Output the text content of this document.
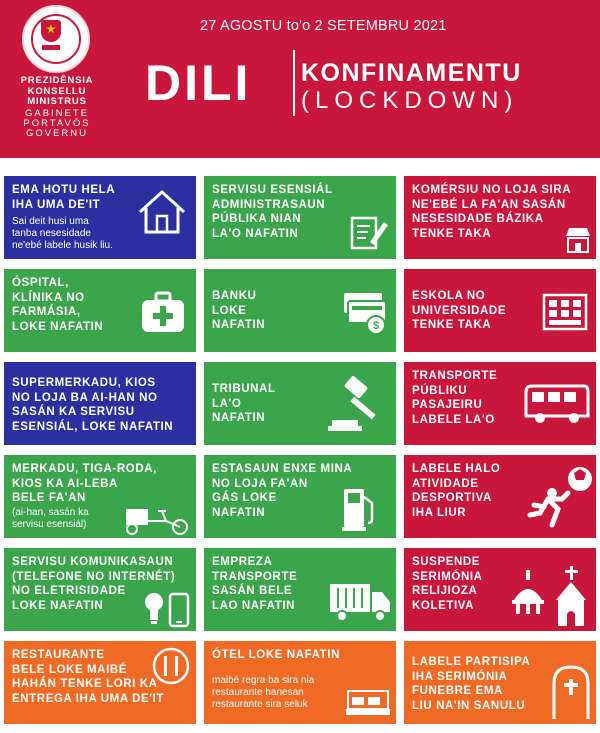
PREZIDÊNSIA
KONSELLU
MINISTRUS
GABINETE
PORTAVÓS
GOVERNU
27 AGOSTU to'o 2 SETEMBRU 2021
DILI KONFINAMENTU
(LOCKDOWN)
EMA HOTU HELA
IHA UMA DE'IT
Sai deit husi uma
tanba nesesidade
ne'ebé labele husik liu.
SERVISU ESENSIÁL
ADMINISTRASAUN
PÚBLIKA NIAN
LA'O NAFATIN
KOMÉRSIU NO LOJA SIRA
NE'EBÉ LA FA'AN SASÁN
NESESIDADE BÁZIKA
TENKE TAKA
ÓSPITAL,
KLÍNIKA NO
FARMÁSIA,
LOKE NAFATIN
BANKU
LOKE
NAFATIN	$
ESKOLA NO
UNIVERSIDADE
TENKE TAKA
SUPERMERKADU, KIOS
NO LOJA BA AI-HAN NO
SASÁN KA SERVISU
ESENSIÁL, LOKE NAFATIN
TRIBUNAL
LA'O
NAFATIN
TRANSPORTE
PÚBLIKU
PASAJEIRU
LABELE LA'O
MERKADU, TIGA-RODA,
KIOS KA AI-LEBA
BELE FA'AN
(ai-han, sasán ka
servisu esensiál)
ESTASAUN ENXE MINA
NO LOJA FA'AN
GÁS LOKE
NAFATIN
LABELE HALO
ATIVIDADE
DESPORTIVA
IHA LIUR
SERVISU KOMUNIKASAUN
(TELEFONE NO INTERNÉT)
NO ELETRISIDADE
LOKE NAFATIN
EMPREZA
TRANSPORTE
SASÁN BELE
LAO NAFATIN
SUSPENDE
SERIMÓNIA
RELIJIOZA
KOLETIVA
RESTAURANTE
BELE LOKE MAIBÉ
HAHÁN TENKE LORI KA
ENTREGA IHA UMA DE'IT
ÓTEL LOKE NAFATIN
maibé regra ba sira nia
restaurante hanesan
restaurante sira seluk
LABELE PARTISIPA
IHA SERIMÓNIA
FUNEBRE EMA
LIU NA'IN SANULU
